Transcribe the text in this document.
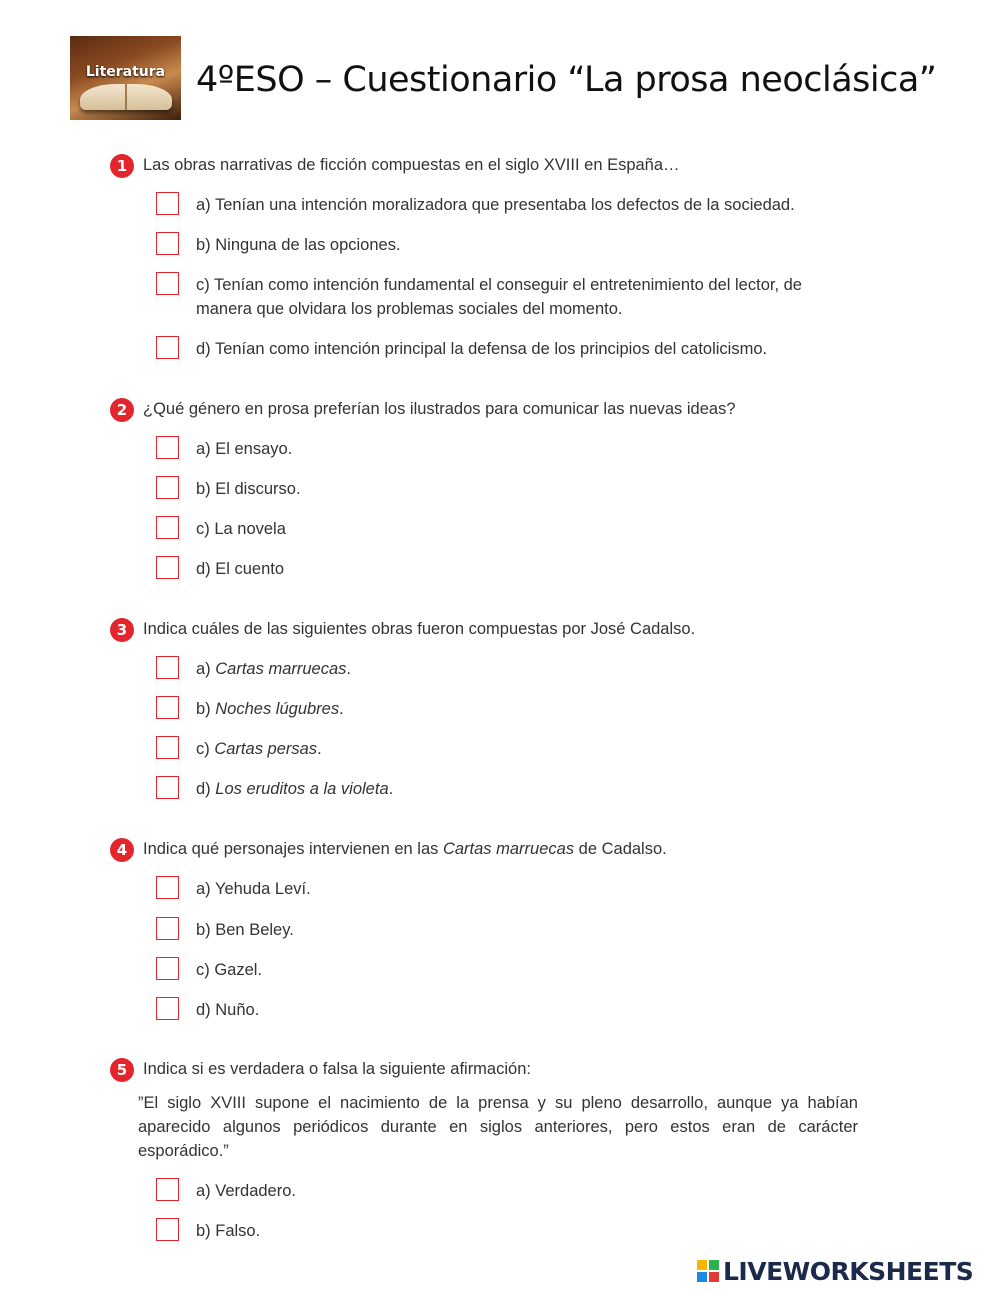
Literatura 4ºESO – Cuestionario “La prosa neoclásica”
1 Las obras narrativas de ficción compuestas en el siglo XVIII en España…
a) Tenían una intención moralizadora que presentaba los defectos de la sociedad.
b) Ninguna de las opciones.
c) Tenían como intención fundamental el conseguir el entretenimiento del lector, de manera que olvidara los problemas sociales del momento.
d) Tenían como intención principal la defensa de los principios del catolicismo.
2 ¿Qué género en prosa preferían los ilustrados para comunicar las nuevas ideas?
a) El ensayo.
b) El discurso.
c) La novela
d) El cuento
3 Indica cuáles de las siguientes obras fueron compuestas por José Cadalso.
a) Cartas marruecas.
b) Noches lúgubres.
c) Cartas persas.
d) Los eruditos a la violeta.
4 Indica qué personajes intervienen en las Cartas marruecas de Cadalso.
a) Yehuda Leví.
b) Ben Beley.
c) Gazel.
d) Nuño.
5 Indica si es verdadera o falsa la siguiente afirmación:
”El siglo XVIII supone el nacimiento de la prensa y su pleno desarrollo, aunque ya habían aparecido algunos periódicos durante en siglos anteriores, pero estos eran de carácter esporádico.”
a) Verdadero.
b) Falso.
LIVEWORKSHEETS
